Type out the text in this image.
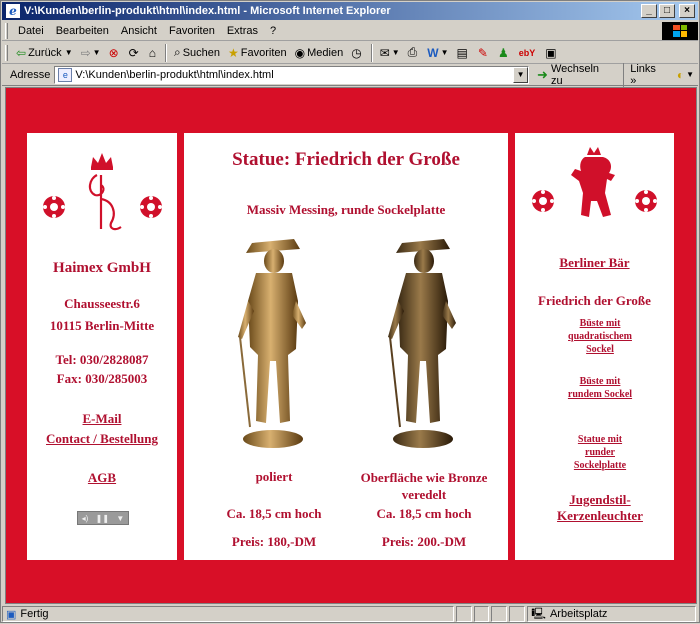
e V:\Kunden\berlin-produkt\html\index.html - Microsoft Internet Explorer	_	□	×
Datei	Bearbeiten	Ansicht	Favoriten	Extras	?
⇦ Zurück ▼ ⇨ ▼ ⊗ ⟳ ⌂ ⌕ Suchen ★ Favoriten ◉ Medien ◷ ✉ ▼ ⎙ W ▼ ▤ ✎ ♟ ebY ▣
Adresse	e V:\Kunden\berlin-produkt\html\index.html	▼ ➜ Wechseln zu
Links »	◐ ▼
Haimex GmbH
Chausseestr.6
10115 Berlin-Mitte
Tel: 030/2828087
Fax: 030/285003
E-Mail
Contact / Bestellung
AGB
◂) ❚❚ ▼
Statue: Friedrich der Große
Massiv Messing, runde Sockelplatte
poliert
Ca. 18,5 cm hoch
Preis: 180,-DM
Oberfläche wie Bronze veredelt
Ca. 18,5 cm hoch
Preis: 200.-DM
Berliner Bär
Friedrich der Große
Büste mit quadratischem Sockel
Büste mit rundem Sockel
Statue mit runder Sockelplatte
Jugendstil-Kerzenleuchter
▣ Fertig	🖳 Arbeitsplatz
